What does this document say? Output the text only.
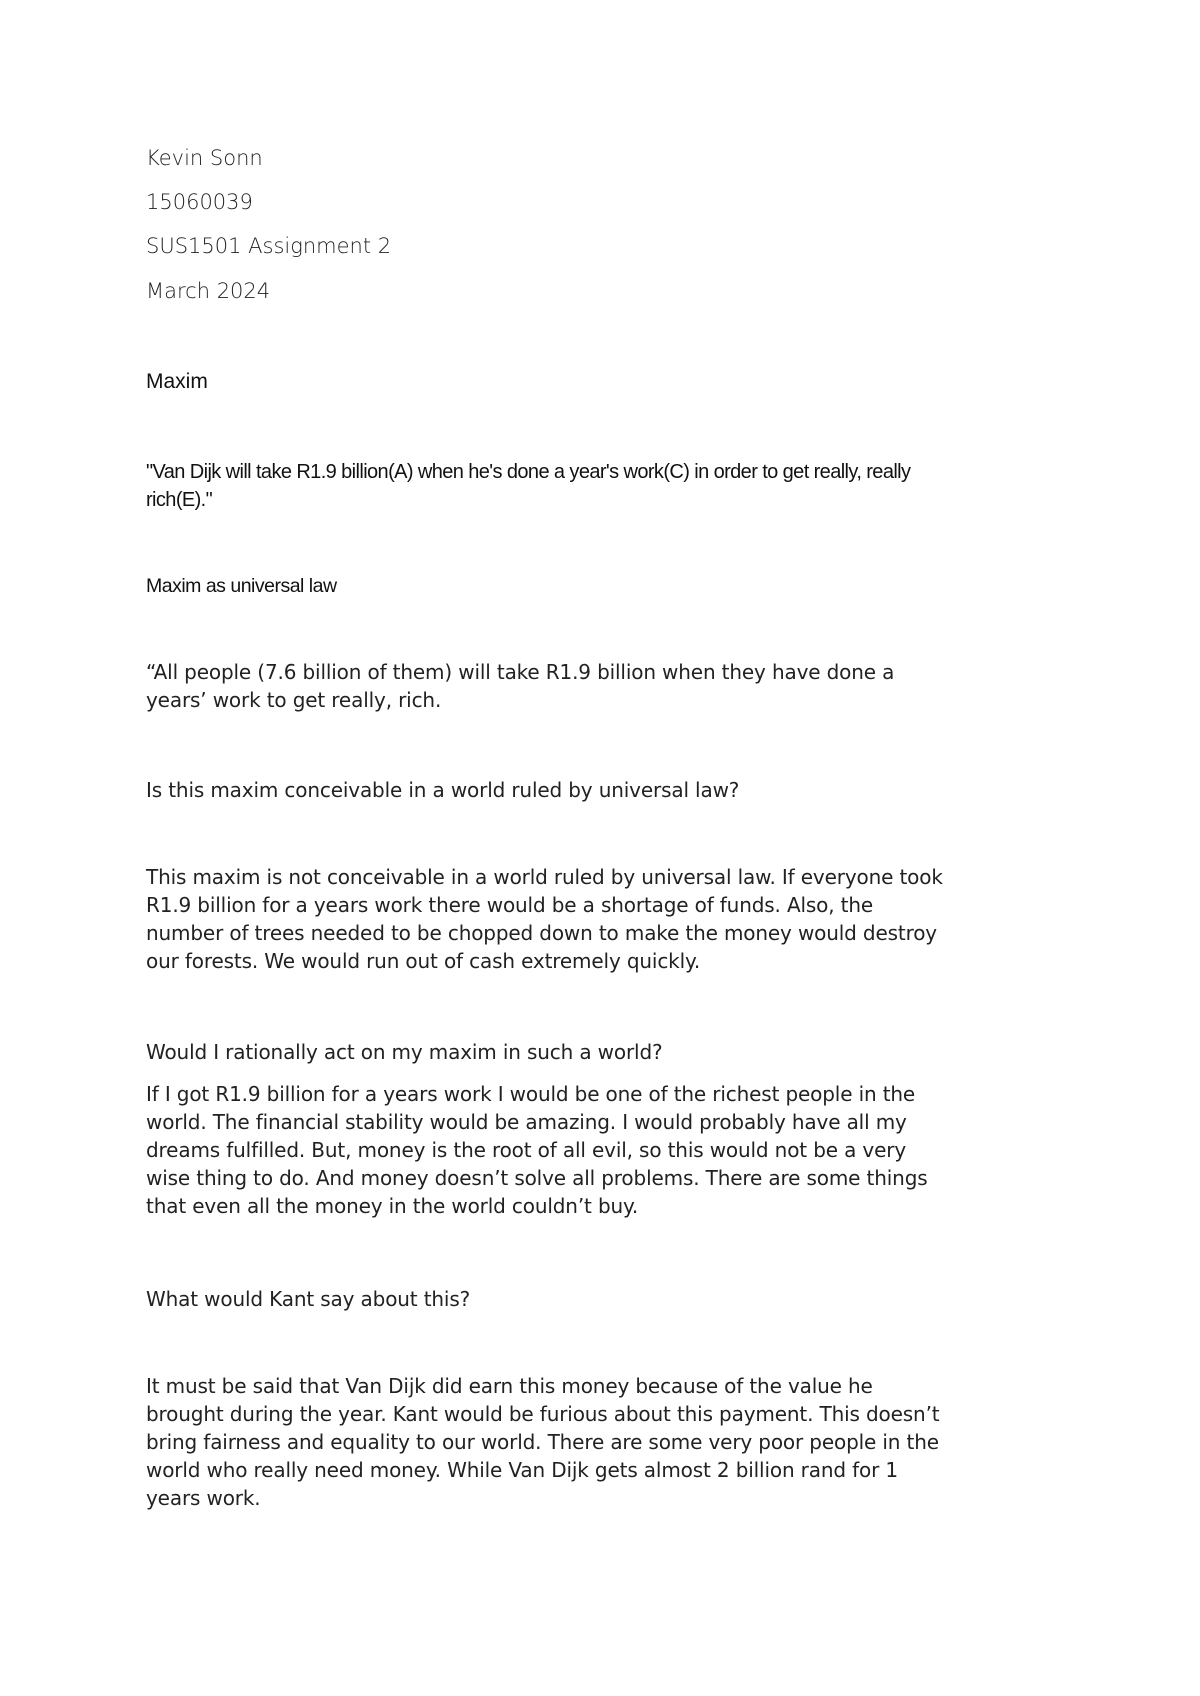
Kevin Sonn

15060039

SUS1501 Assignment 2

March 2024

Maxim

"Van Dijk will take R1.9 billion(A) when he's done a year's work(C) in order to get really, really
rich(E)."

Maxim as universal law

“All people (7.6 billion of them) will take R1.9 billion when they have done a
years’ work to get really, rich.

Is this maxim conceivable in a world ruled by universal law?

This maxim is not conceivable in a world ruled by universal law. If everyone took
R1.9 billion for a years work there would be a shortage of funds. Also, the
number of trees needed to be chopped down to make the money would destroy
our forests. We would run out of cash extremely quickly.

Would I rationally act on my maxim in such a world?

If I got R1.9 billion for a years work I would be one of the richest people in the
world. The financial stability would be amazing. I would probably have all my
dreams fulfilled. But, money is the root of all evil, so this would not be a very
wise thing to do. And money doesn’t solve all problems. There are some things
that even all the money in the world couldn’t buy.

What would Kant say about this?

It must be said that Van Dijk did earn this money because of the value he
brought during the year. Kant would be furious about this payment. This doesn’t
bring fairness and equality to our world. There are some very poor people in the
world who really need money. While Van Dijk gets almost 2 billion rand for 1
years work.
